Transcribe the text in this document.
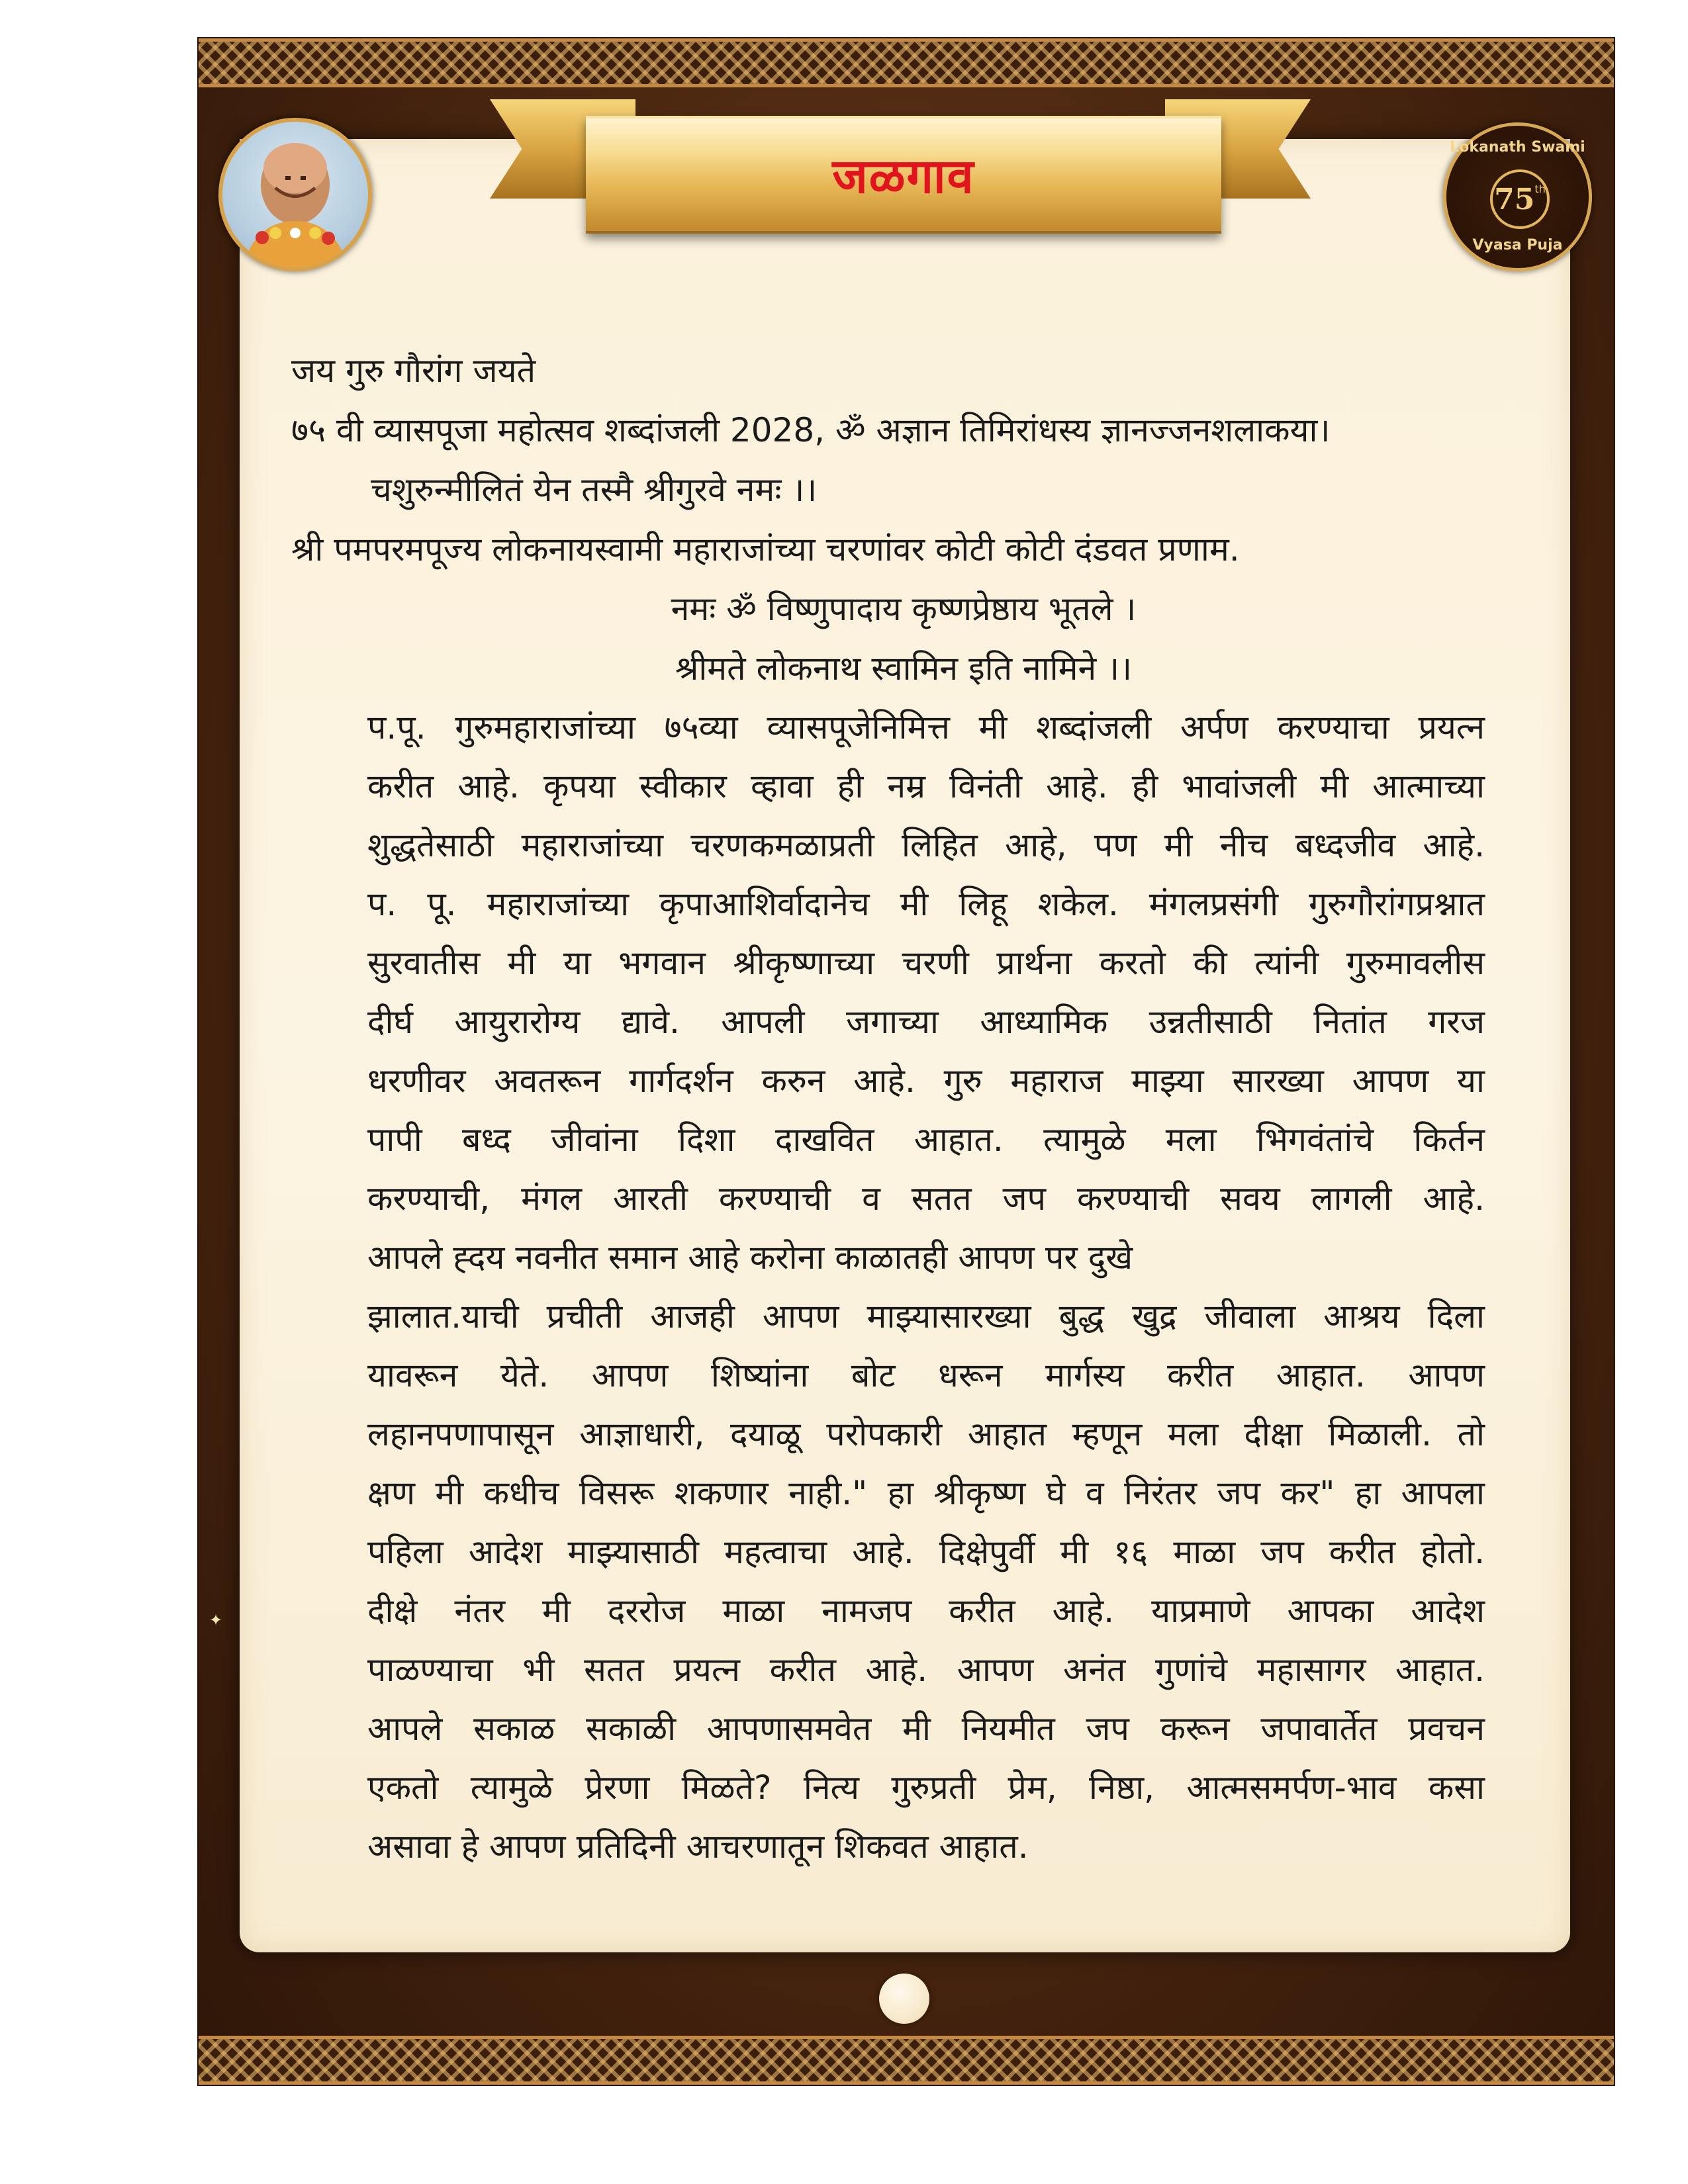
जळगाव
Lokanath Swami
75 th
Vyasa Puja
जय गुरु गौरांग जयते
७५ वी व्यासपूजा महोत्सव शब्दांजली 2028, ॐ अज्ञान तिमिरांधस्य ज्ञानज्जनशलाकया।
चशुरुन्मीलितं येन तस्मै श्रीगुरवे नमः ।।
श्री पमपरमपूज्य लोकनायस्वामी महाराजांच्या चरणांवर कोटी कोटी दंडवत प्रणाम.
नमः ॐ विष्णुपादाय कृष्णप्रेष्ठाय भूतले ।
श्रीमते लोकनाथ स्वामिन इति नामिने ।।
प.पू. गुरुमहाराजांच्या ७५व्या व्यासपूजेनिमित्त मी शब्दांजली अर्पण करण्याचा प्रयत्न
करीत आहे. कृपया स्वीकार व्हावा ही नम्र विनंती आहे. ही भावांजली मी आत्माच्या
शुद्धतेसाठी महाराजांच्या चरणकमळाप्रती लिहित आहे, पण मी नीच बध्दजीव आहे.
प. पू. महाराजांच्या कृपाआशिर्वादानेच मी लिहू शकेल. मंगलप्रसंगी गुरुगौरांगप्रश्नात
सुरवातीस मी या भगवान श्रीकृष्णाच्या चरणी प्रार्थना करतो की त्यांनी गुरुमावलीस
दीर्घ आयुरारोग्य द्यावे. आपली जगाच्या आध्यामिक उन्नतीसाठी नितांत गरज
धरणीवर अवतरून गार्गदर्शन करुन आहे. गुरु महाराज माझ्या सारख्या आपण या
पापी बध्द जीवांना दिशा दाखवित आहात. त्यामुळे मला भिगवंतांचे किर्तन
करण्याची, मंगल आरती करण्याची व सतत जप करण्याची सवय लागली आहे.
आपले ह्दय नवनीत समान आहे करोना काळातही आपण पर दुखे
झालात.याची प्रचीती आजही आपण माझ्यासारख्या बुद्ध खुद्र जीवाला आश्रय दिला
यावरून येते. आपण शिष्यांना बोट धरून मार्गस्य करीत आहात. आपण
लहानपणापासून आज्ञाधारी, दयाळू परोपकारी आहात म्हणून मला दीक्षा मिळाली. तो
क्षण मी कधीच विसरू शकणार नाही." हा श्रीकृष्ण घे व निरंतर जप कर" हा आपला
पहिला आदेश माझ्यासाठी महत्वाचा आहे. दिक्षेपुर्वी मी १६ माळा जप करीत होतो.
दीक्षे नंतर मी दररोज माळा नामजप करीत आहे. याप्रमाणे आपका आदेश
पाळण्याचा भी सतत प्रयत्न करीत आहे. आपण अनंत गुणांचे महासागर आहात.
आपले सकाळ सकाळी आपणासमवेत मी नियमीत जप करून जपावार्तेत प्रवचन
एकतो त्यामुळे प्रेरणा मिळते? नित्य गुरुप्रती प्रेम, निष्ठा, आत्मसमर्पण-भाव कसा
असावा हे आपण प्रतिदिनी आचरणातून शिकवत आहात.
✦
